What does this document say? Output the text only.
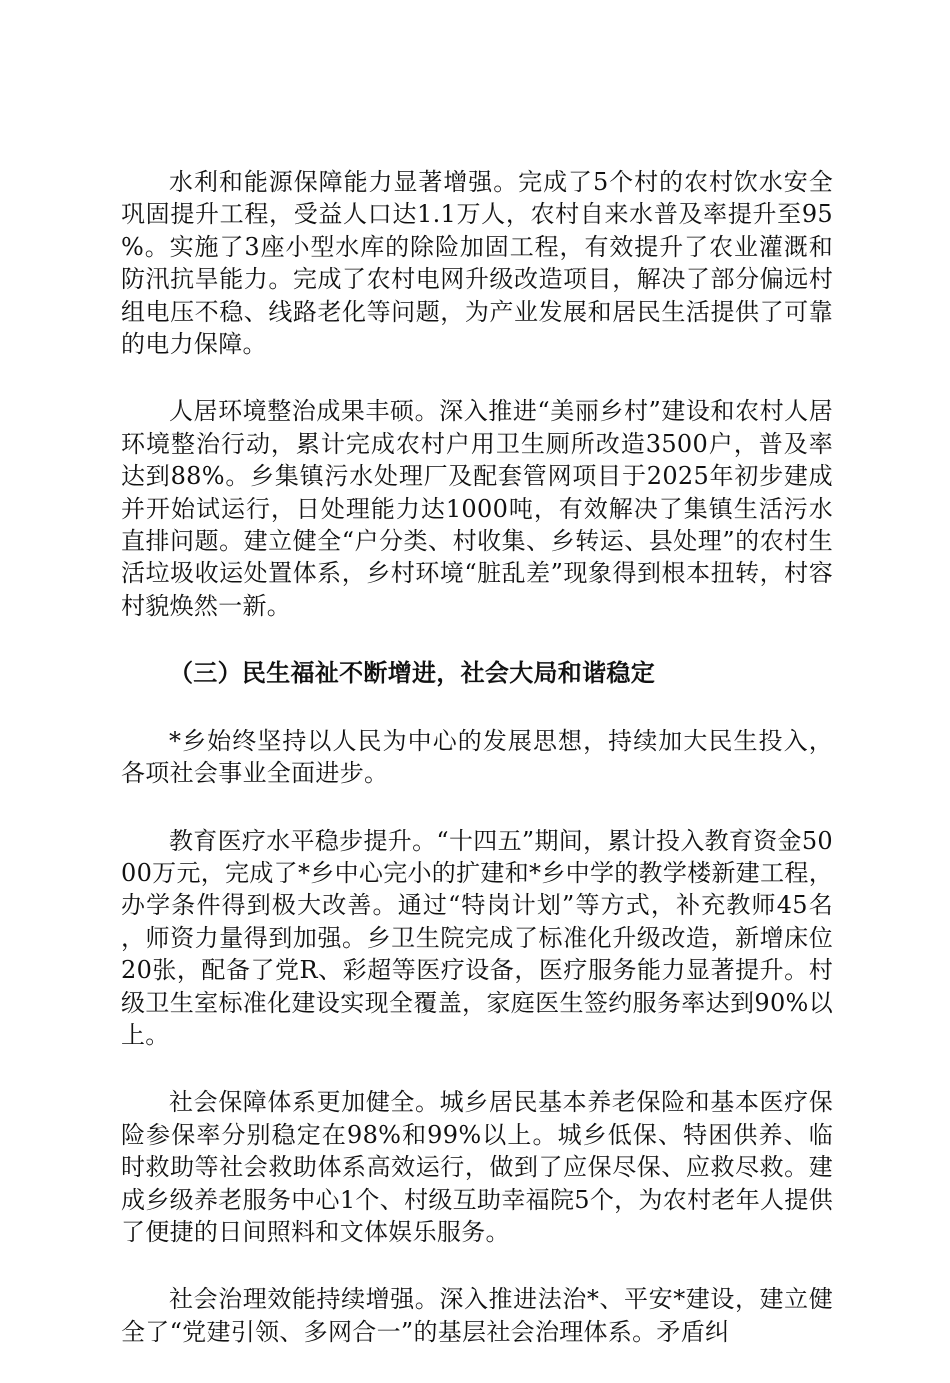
水利和能源保障能力显著增强。完成了5个村的农村饮水安全巩固提升工程，受益人口达1.1万人，农村自来水普及率提升至95%。实施了3座小型水库的除险加固工程，有效提升了农业灌溉和防汛抗旱能力。完成了农村电网升级改造项目，解决了部分偏远村组电压不稳、线路老化等问题，为产业发展和居民生活提供了可靠的电力保障。

人居环境整治成果丰硕。深入推进“美丽乡村”建设和农村人居环境整治行动，累计完成农村户用卫生厕所改造3500户，普及率达到88%。乡集镇污水处理厂及配套管网项目于2025年初步建成并开始试运行，日处理能力达1000吨，有效解决了集镇生活污水直排问题。建立健全“户分类、村收集、乡转运、县处理”的农村生活垃圾收运处置体系，乡村环境“脏乱差”现象得到根本扭转，村容村貌焕然一新。

（三）民生福祉不断增进，社会大局和谐稳定

*乡始终坚持以人民为中心的发展思想，持续加大民生投入，各项社会事业全面进步。

教育医疗水平稳步提升。“十四五”期间，累计投入教育资金5000万元，完成了*乡中心完小的扩建和*乡中学的教学楼新建工程，办学条件得到极大改善。通过“特岗计划”等方式，补充教师45名，师资力量得到加强。乡卫生院完成了标准化升级改造，新增床位20张，配备了党R、彩超等医疗设备，医疗服务能力显著提升。村级卫生室标准化建设实现全覆盖，家庭医生签约服务率达到90%以上。

社会保障体系更加健全。城乡居民基本养老保险和基本医疗保险参保率分别稳定在98%和99%以上。城乡低保、特困供养、临时救助等社会救助体系高效运行，做到了应保尽保、应救尽救。建成乡级养老服务中心1个、村级互助幸福院5个，为农村老年人提供了便捷的日间照料和文体娱乐服务。

社会治理效能持续增强。深入推进法治*、平安*建设，建立健全了“党建引领、多网合一”的基层社会治理体系。矛盾纠
